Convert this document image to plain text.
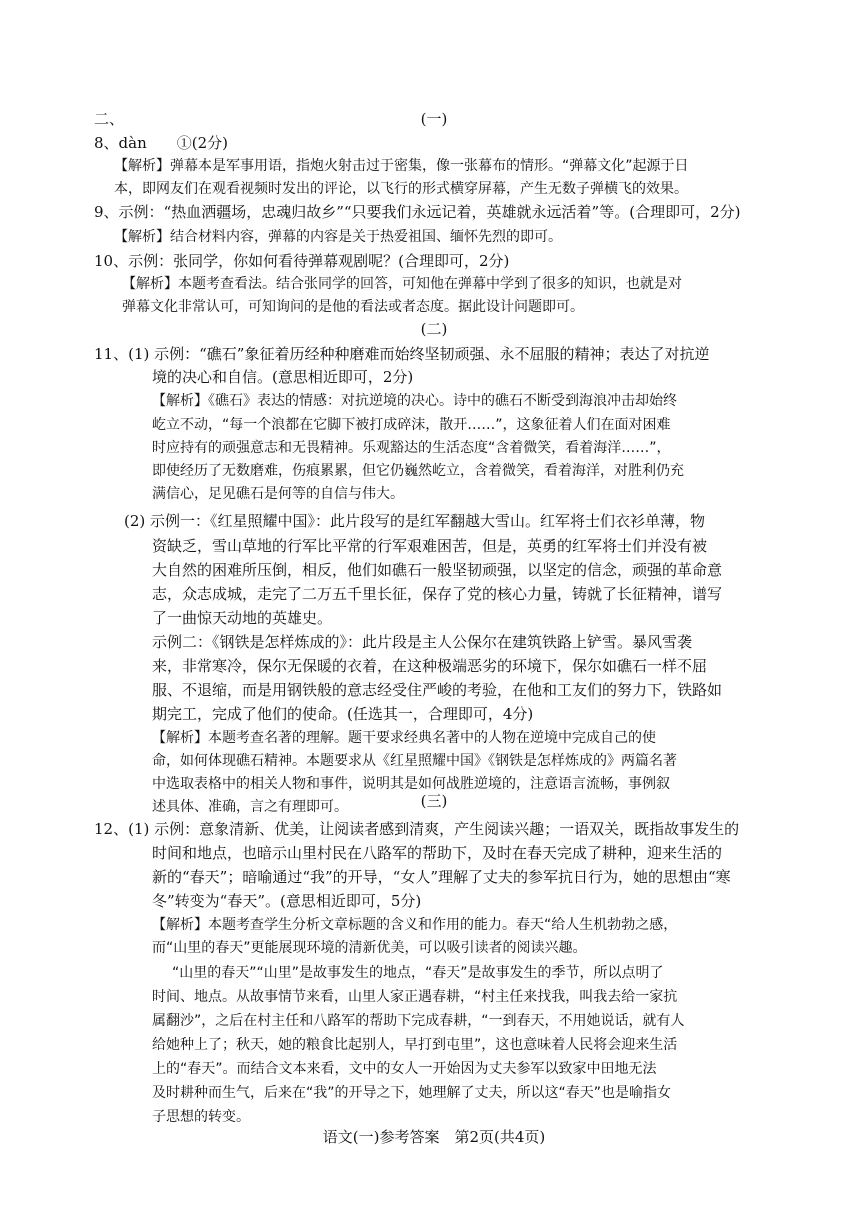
二、	(一)
8、dàn　　①(2分)
【解析】弹幕本是军事用语，指炮火射击过于密集，像一张幕布的情形。“弹幕文化”起源于日
本，即网友们在观看视频时发出的评论，以飞行的形式横穿屏幕，产生无数子弹横飞的效果。
9、示例：“热血洒疆场，忠魂归故乡”“只要我们永远记着，英雄就永远活着”等。(合理即可，2分)
【解析】结合材料内容，弹幕的内容是关于热爱祖国、缅怀先烈的即可。
10、示例：张同学，你如何看待弹幕观剧呢？(合理即可，2分)
【解析】本题考查看法。结合张同学的回答，可知他在弹幕中学到了很多的知识，也就是对
弹幕文化非常认可，可知询问的是他的看法或者态度。据此设计问题即可。
(二)
11、(1) 示例：“礁石”象征着历经种种磨难而始终坚韧顽强、永不屈服的精神；表达了对抗逆
境的决心和自信。(意思相近即可，2分)
【解析】《礁石》表达的情感：对抗逆境的决心。诗中的礁石不断受到海浪冲击却始终
屹立不动，“每一个浪都在它脚下被打成碎沫，散开……”，这象征着人们在面对困难
时应持有的顽强意志和无畏精神。乐观豁达的生活态度“含着微笑，看着海洋……”，
即使经历了无数磨难，伤痕累累，但它仍巍然屹立，含着微笑，看着海洋，对胜利仍充
满信心，足见礁石是何等的自信与伟大。
(2) 示例一：《红星照耀中国》：此片段写的是红军翻越大雪山。红军将士们衣衫单薄，物
资缺乏，雪山草地的行军比平常的行军艰难困苦，但是，英勇的红军将士们并没有被
大自然的困难所压倒，相反，他们如礁石一般坚韧顽强，以坚定的信念，顽强的革命意
志，众志成城，走完了二万五千里长征，保存了党的核心力量，铸就了长征精神，谱写
了一曲惊天动地的英雄史。
示例二：《钢铁是怎样炼成的》：此片段是主人公保尔在建筑铁路上铲雪。暴风雪袭
来，非常寒冷，保尔无保暖的衣着，在这种极端恶劣的环境下，保尔如礁石一样不屈
服、不退缩，而是用钢铁般的意志经受住严峻的考验，在他和工友们的努力下，铁路如
期完工，完成了他们的使命。(任选其一，合理即可，4分)
【解析】本题考查名著的理解。题干要求经典名著中的人物在逆境中完成自己的使
命，如何体现礁石精神。本题要求从《红星照耀中国》《钢铁是怎样炼成的》两篇名著
中选取表格中的相关人物和事件，说明其是如何战胜逆境的，注意语言流畅，事例叙
述具体、准确，言之有理即可。	(三)
12、(1) 示例：意象清新、优美，让阅读者感到清爽，产生阅读兴趣；一语双关，既指故事发生的
时间和地点，也暗示山里村民在八路军的帮助下，及时在春天完成了耕种，迎来生活的
新的“春天”；暗喻通过“我”的开导，“女人”理解了丈夫的参军抗日行为，她的思想由“寒
冬”转变为“春天”。(意思相近即可，5分)
【解析】本题考查学生分析文章标题的含义和作用的能力。春天“给人生机勃勃之感，
而“山里的春天”更能展现环境的清新优美，可以吸引读者的阅读兴趣。
“山里的春天”“山里”是故事发生的地点，“春天”是故事发生的季节，所以点明了
时间、地点。从故事情节来看，山里人家正遇春耕，“村主任来找我，叫我去给一家抗
属翻沙”，之后在村主任和八路军的帮助下完成春耕，“一到春天，不用她说话，就有人
给她种上了；秋天，她的粮食比起别人，早打到屯里”，这也意味着人民将会迎来生活
上的“春天”。而结合文本来看，文中的女人一开始因为丈夫参军以致家中田地无法
及时耕种而生气，后来在“我”的开导之下，她理解了丈夫，所以这“春天”也是喻指女
子思想的转变。
语文(一)参考答案　第2页(共4页)
